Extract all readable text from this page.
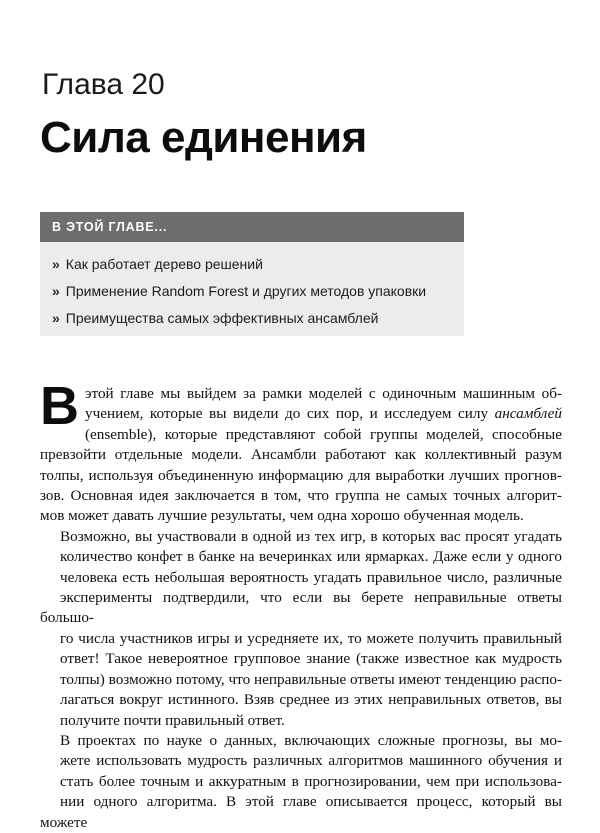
Глава 20
Сила единения
В ЭТОЙ ГЛАВЕ...
» Как работает дерево решений
» Применение Random Forest и других методов упаковки
» Преимущества самых эффективных ансамблей

В этой главе мы выйдем за рамки моделей с одиночным машинным об-
учением, которые вы видели до сих пор, и исследуем силу ансамблей
(ensemble), которые представляют собой группы моделей, способные
превзойти отдельные модели. Ансамбли работают как коллективный разум
толпы, используя объединенную информацию для выработки лучших прогнов-
зов. Основная идея заключается в том, что группа не самых точных алгорит-
мов может давать лучшие результаты, чем одна хорошо обученная модель.

Возможно, вы участвовали в одной из тех игр, в которых вас просят угадать
количество конфет в банке на вечеринках или ярмарках. Даже если у одного
человека есть небольшая вероятность угадать правильное число, различные
эксперименты подтвердили, что если вы берете неправильные ответы большо-
го числа участников игры и усредняете их, то можете получить правильный
ответ! Такое невероятное групповое знание (также известное как мудрость
толпы) возможно потому, что неправильные ответы имеют тенденцию распо-
лагаться вокруг истинного. Взяв среднее из этих неправильных ответов, вы
получите почти правильный ответ.

В проектах по науке о данных, включающих сложные прогнозы, вы мо-
жете использовать мудрость различных алгоритмов машинного обучения и
стать более точным и аккуратным в прогнозировании, чем при использова-
нии одного алгоритма. В этой главе описывается процесс, который вы можете
